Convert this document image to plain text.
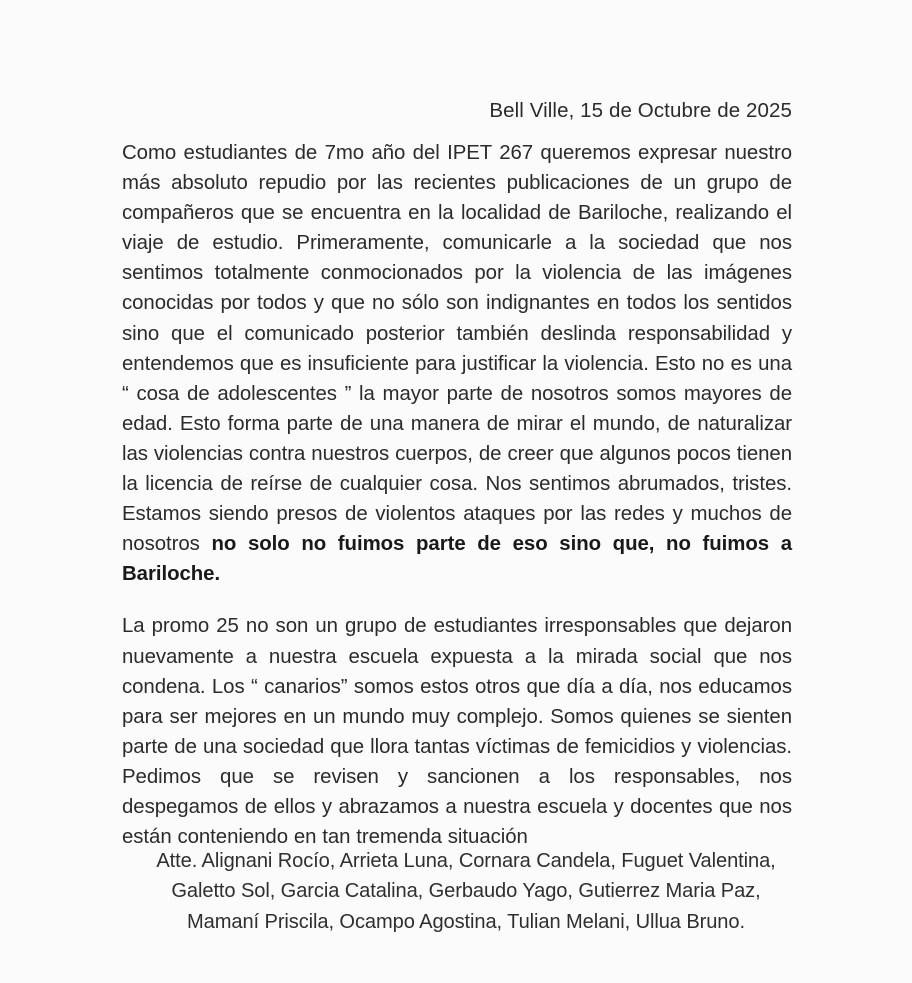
Bell Ville, 15 de Octubre de 2025

Como estudiantes de 7mo año del IPET 267 queremos expresar nuestro más absoluto repudio por las recientes publicaciones de un grupo de compañeros que se encuentra en la localidad de Bariloche, realizando el viaje de estudio. Primeramente, comunicarle a la sociedad que nos sentimos totalmente conmocionados por la violencia de las imágenes conocidas por todos y que no sólo son indignantes en todos los sentidos sino que el comunicado posterior también deslinda responsabilidad y entendemos que es insuficiente para justificar la violencia. Esto no es una “ cosa de adolescentes ” la mayor parte de nosotros somos mayores de edad. Esto forma parte de una manera de mirar el mundo, de naturalizar las violencias contra nuestros cuerpos, de creer que algunos pocos tienen la licencia de reírse de cualquier cosa. Nos sentimos abrumados, tristes. Estamos siendo presos de violentos ataques por las redes y muchos de nosotros no solo no fuimos parte de eso sino que, no fuimos a Bariloche.

La promo 25 no son un grupo de estudiantes irresponsables que dejaron nuevamente a nuestra escuela expuesta a la mirada social que nos condena. Los “ canarios” somos estos otros que día a día, nos educamos para ser mejores en un mundo muy complejo. Somos quienes se sienten parte de una sociedad que llora tantas víctimas de femicidios y violencias. Pedimos que se revisen y sancionen a los responsables, nos despegamos de ellos y abrazamos a nuestra escuela y docentes que nos están conteniendo en tan tremenda situación

Atte. Alignani Rocío, Arrieta Luna, Cornara Candela, Fuguet Valentina,
Galetto Sol, Garcia Catalina, Gerbaudo Yago, Gutierrez Maria Paz,
Mamaní Priscila, Ocampo Agostina, Tulian Melani, Ullua Bruno.
